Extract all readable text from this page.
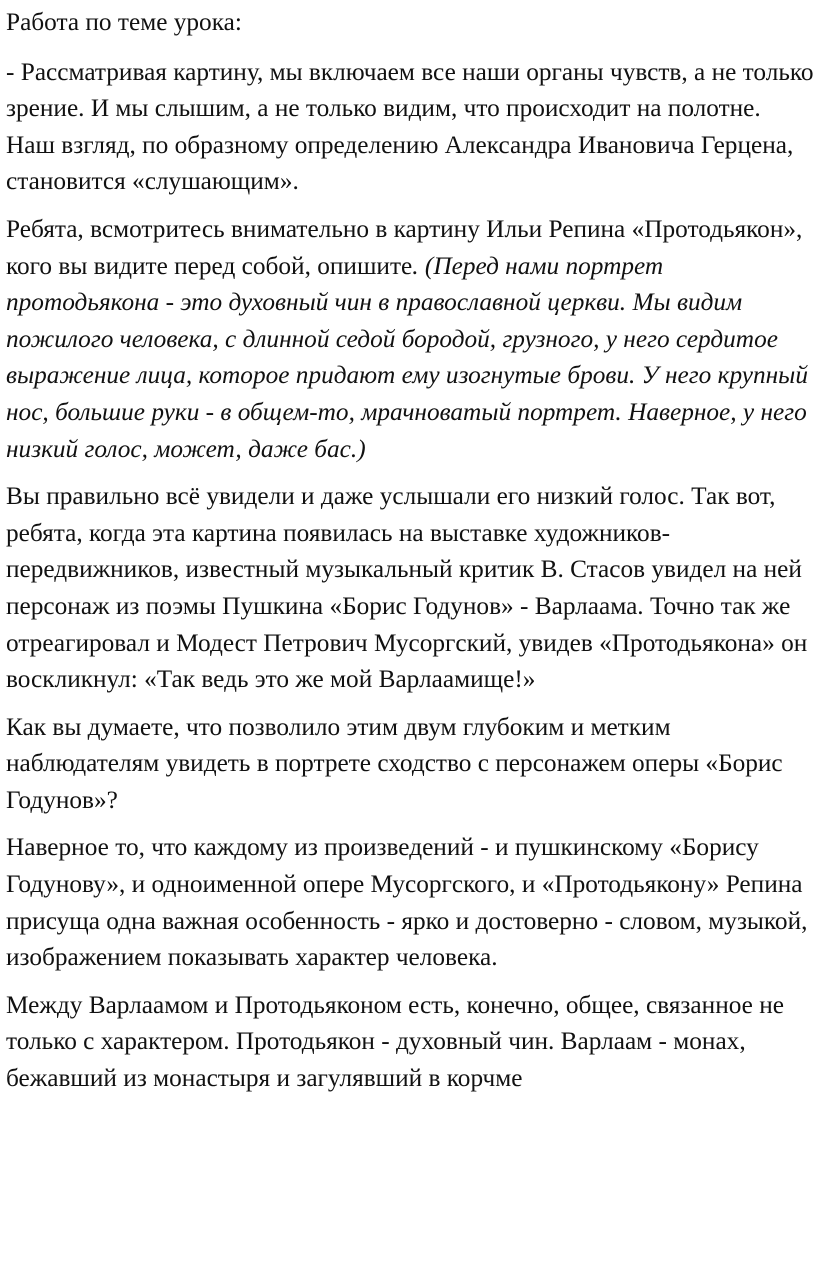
Работа по теме урока:

- Рассматривая картину, мы включаем все наши органы чувств, а не только зрение. И мы слышим, а не только видим, что происходит на полотне. Наш взгляд, по образному определению Александра Ивановича Герцена, становится «слушающим».

Ребята, всмотритесь внимательно в картину Ильи Репина «Протодьякон», кого вы видите перед собой, опишите. (Перед нами портрет протодьякона - это духовный чин в православной церкви. Мы видим пожилого человека, с длинной седой бородой, грузного, у него сердитое выражение лица, которое придают ему изогнутые брови. У него крупный нос, большие руки - в общем-то, мрачноватый портрет. Наверное, у него низкий голос, может, даже бас.)

Вы правильно всё увидели и даже услышали его низкий голос. Так вот, ребята, когда эта картина появилась на выставке художников-передвижников, известный музыкальный критик В. Стасов увидел на ней персонаж из поэмы Пушкина «Борис Годунов» - Варлаама. Точно так же отреагировал и Модест Петрович Мусоргский, увидев «Протодьякона» он воскликнул: «Так ведь это же мой Варлаамище!»

Как вы думаете, что позволило этим двум глубоким и метким наблюдателям увидеть в портрете сходство с персонажем оперы «Борис Годунов»?

Наверное то, что каждому из произведений - и пушкинскому «Борису Годунову», и одноименной опере Мусоргского, и «Протодьякону» Репина присуща одна важная особенность - ярко и достоверно - словом, музыкой, изображением показывать характер человека.

Между Варлаамом и Протодьяконом есть, конечно, общее, связанное не только с характером. Протодьякон - духовный чин. Варлаам - монах, бежавший из монастыря и загулявший в корчме
